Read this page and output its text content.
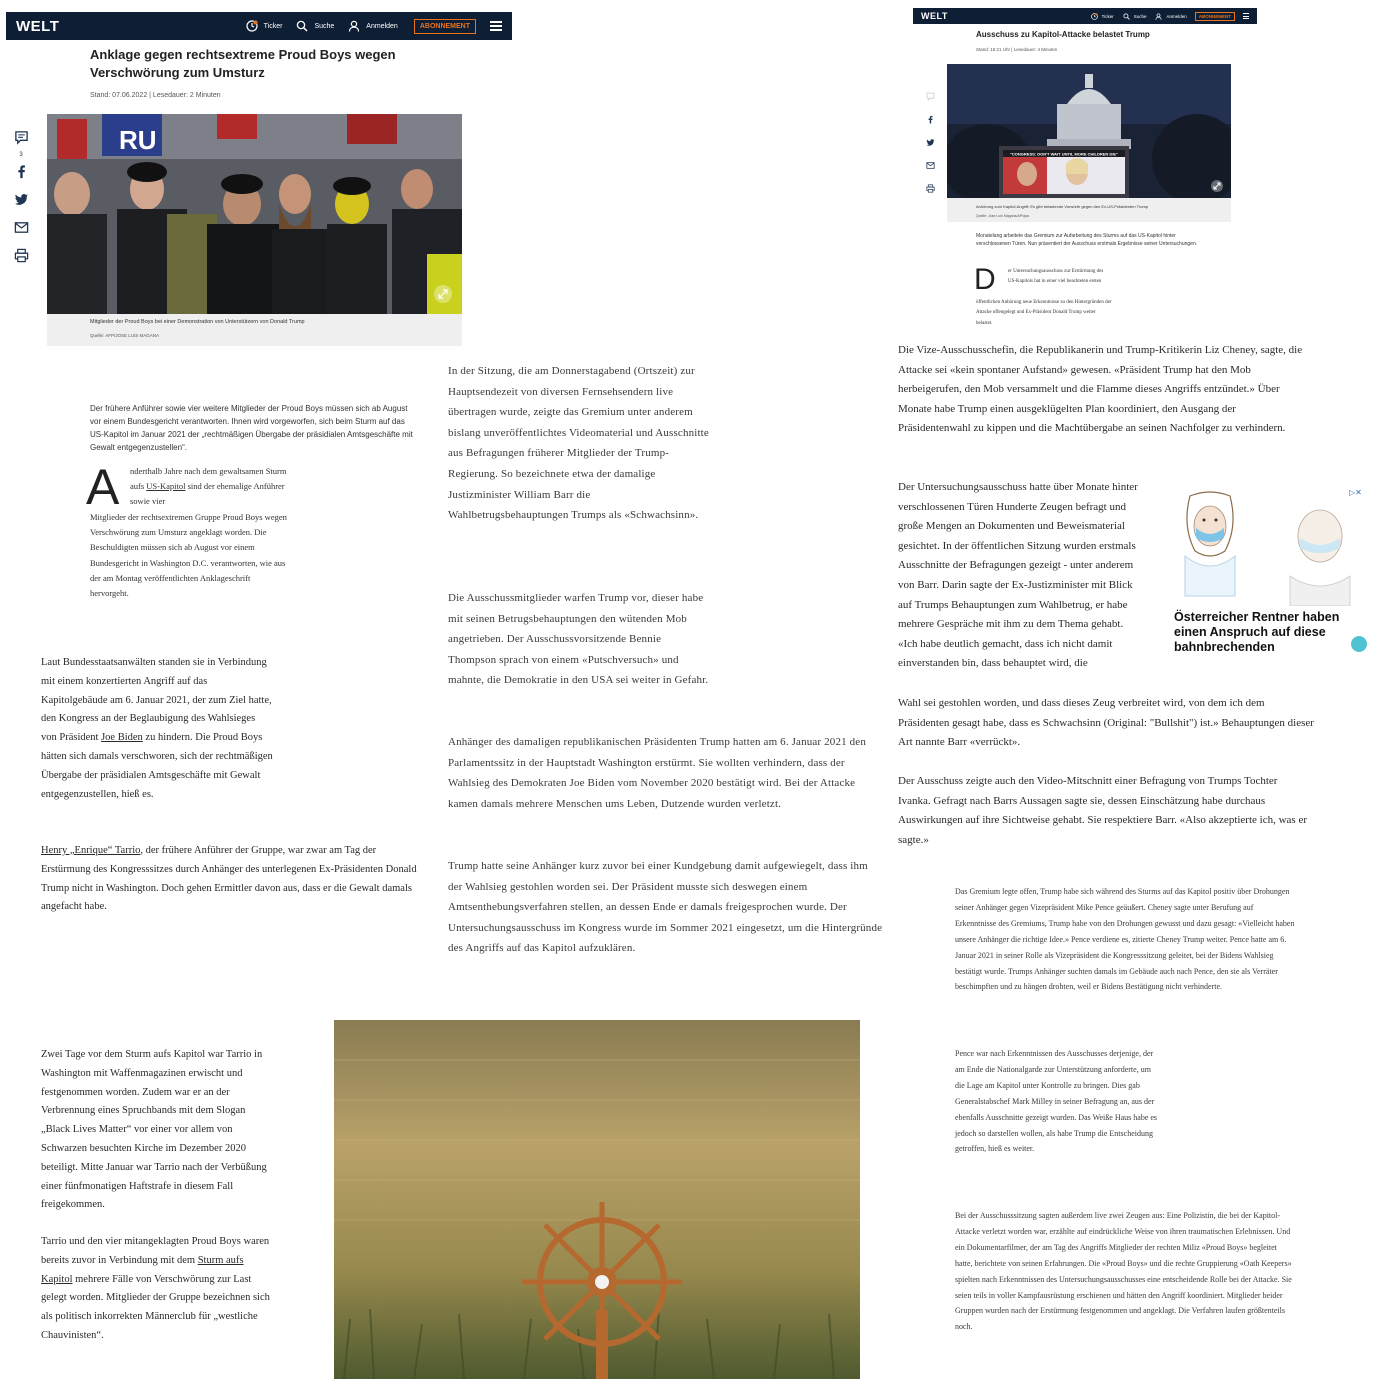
WELT	Ticker	Suche	Anmelden	ABONNEMENT
WELT	Ticker	Suche	Anmelden	ABONNEMENT
Anklage gegen rechtsextreme Proud Boys wegen Verschwörung zum Umsturz
Stand: 07.06.2022 | Lesedauer: 2 Minuten
Ausschuss zu Kapitol-Attacke belastet Trump
Stand: 15:21 Uhr | Lesedauer: 4 Minuten
3	RU
Mitglieder der Proud Boys bei einer Demonstration von Unterstützern von Donald Trump
Quelle: AFP/JOSE LUIS MAGANA
"CONGRESS: DON'T WAIT UNTIL MORE CHILDREN DIE"
Anhörung zum Kapitol-Angriff: Es gibt belastende Vorwürfe gegen den Ex-US-Präsidenten Trump
Quelle: Jose Luis Magana/AP/dpa
Der frühere Anführer sowie vier weitere Mitglieder der Proud Boys müssen sich ab August vor einem Bundesgericht verantworten. Ihnen wird vorgeworfen, sich beim Sturm auf das US-Kapitol im Januar 2021 der „rechtmäßigen Übergabe der präsidialen Amtsgeschäfte mit Gewalt entgegenzustellen“.
A nderthalb Jahre nach dem gewaltsamen Sturm aufs US-Kapitol sind der ehemalige Anführer sowie vier
Mitglieder der rechtsextremen Gruppe Proud Boys wegen Verschwörung zum Umsturz angeklagt worden. Die Beschuldigten müssen sich ab August vor einem Bundesgericht in Washington D.C. verantworten, wie aus der am Montag veröffentlichten Anklageschrift hervorgeht.
Laut Bundesstaatsanwälten standen sie in Verbindung mit einem konzertierten Angriff auf das Kapitolgebäude am 6. Januar 2021, der zum Ziel hatte, den Kongress an der Beglaubigung des Wahlsieges von Präsident Joe Biden zu hindern. Die Proud Boys hätten sich damals verschworen, sich der rechtmäßigen Übergabe der präsidialen Amtsgeschäfte mit Gewalt entgegenzustellen, hieß es.
Henry „Enrique“ Tarrio, der frühere Anführer der Gruppe, war zwar am Tag der Erstürmung des Kongresssitzes durch Anhänger des unterlegenen Ex-Präsidenten Donald Trump nicht in Washington. Doch gehen Ermittler davon aus, dass er die Gewalt damals angefacht habe.
Zwei Tage vor dem Sturm aufs Kapitol war Tarrio in Washington mit Waffenmagazinen erwischt und festgenommen worden. Zudem war er an der Verbrennung eines Spruchbands mit dem Slogan „Black Lives Matter“ vor einer vor allem von Schwarzen besuchten Kirche im Dezember 2020 beteiligt. Mitte Januar war Tarrio nach der Verbüßung einer fünfmonatigen Haftstrafe in diesem Fall freigekommen.
Tarrio und den vier mitangeklagten Proud Boys waren bereits zuvor in Verbindung mit dem Sturm aufs Kapitol mehrere Fälle von Verschwörung zur Last gelegt worden. Mitglieder der Gruppe bezeichnen sich als politisch inkorrekten Männerclub für „westliche Chauvinisten“.
In der Sitzung, die am Donnerstagabend (Ortszeit) zur Hauptsendezeit von diversen Fernsehsendern live übertragen wurde, zeigte das Gremium unter anderem bislang unveröffentlichtes Videomaterial und Ausschnitte aus Befragungen früherer Mitglieder der Trump-Regierung. So bezeichnete etwa der damalige Justizminister William Barr die Wahlbetrugsbehauptungen Trumps als «Schwachsinn».
Die Ausschussmitglieder warfen Trump vor, dieser habe mit seinen Betrugsbehauptungen den wütenden Mob angetrieben. Der Ausschussvorsitzende Bennie Thompson sprach von einem «Putschversuch» und mahnte, die Demokratie in den USA sei weiter in Gefahr.
Anhänger des damaligen republikanischen Präsidenten Trump hatten am 6. Januar 2021 den Parlamentssitz in der Hauptstadt Washington erstürmt. Sie wollten verhindern, dass der Wahlsieg des Demokraten Joe Biden vom November 2020 bestätigt wird. Bei der Attacke kamen damals mehrere Menschen ums Leben, Dutzende wurden verletzt.
Trump hatte seine Anhänger kurz zuvor bei einer Kundgebung damit aufgewiegelt, dass ihm der Wahlsieg gestohlen worden sei. Der Präsident musste sich deswegen einem Amtsenthebungsverfahren stellen, an dessen Ende er damals freigesprochen wurde. Der Untersuchungsausschuss im Kongress wurde im Sommer 2021 eingesetzt, um die Hintergründe des Angriffs auf das Kapitol aufzuklären.
Monatelang arbeitete das Gremium zur Aufarbeitung des Sturms auf das US-Kapitol hinter verschlossenen Türen. Nun präsentiert der Ausschuss erstmals Ergebnisse seiner Untersuchungen.
D er Untersuchungsausschuss zur Erstürmung des US-Kapitols hat in einer viel beachteten ersten
öffentlichen Anhörung neue Erkenntnisse zu den Hintergründen der Attacke offengelegt und Ex-Präsident Donald Trump weiter belastet.
Die Vize-Ausschusschefin, die Republikanerin und Trump-Kritikerin Liz Cheney, sagte, die Attacke sei «kein spontaner Aufstand» gewesen. «Präsident Trump hat den Mob herbeigerufen, den Mob versammelt und die Flamme dieses Angriffs entzündet.» Über Monate habe Trump einen ausgeklügelten Plan koordiniert, den Ausgang der Präsidentenwahl zu kippen und die Machtübergabe an seinen Nachfolger zu verhindern.
Der Untersuchungsausschuss hatte über Monate hinter verschlossenen Türen Hunderte Zeugen befragt und große Mengen an Dokumenten und Beweismaterial gesichtet. In der öffentlichen Sitzung wurden erstmals Ausschnitte der Befragungen gezeigt - unter anderem von Barr. Darin sagte der Ex-Justizminister mit Blick auf Trumps Behauptungen zum Wahlbetrug, er habe mehrere Gespräche mit ihm zu dem Thema gehabt. «Ich habe deutlich gemacht, dass ich nicht damit einverstanden bin, dass behauptet wird, die
Wahl sei gestohlen worden, und dass dieses Zeug verbreitet wird, von dem ich dem Präsidenten gesagt habe, dass es Schwachsinn (Original: "Bullshit") ist.» Behauptungen dieser Art nannte Barr «verrückt».
Der Ausschuss zeigte auch den Video-Mitschnitt einer Befragung von Trumps Tochter Ivanka. Gefragt nach Barrs Aussagen sagte sie, dessen Einschätzung habe durchaus Auswirkungen auf ihre Sichtweise gehabt. Sie respektiere Barr. «Also akzeptierte ich, was er sagte.»
Das Gremium legte offen, Trump habe sich während des Sturms auf das Kapitol positiv über Drohungen seiner Anhänger gegen Vizepräsident Mike Pence geäußert. Cheney sagte unter Berufung auf Erkenntnisse des Gremiums, Trump habe von den Drohungen gewusst und dazu gesagt: «Vielleicht haben unsere Anhänger die richtige Idee.» Pence verdiene es, zitierte Cheney Trump weiter. Pence hatte am 6. Januar 2021 in seiner Rolle als Vizepräsident die Kongresssitzung geleitet, bei der Bidens Wahlsieg bestätigt wurde. Trumps Anhänger suchten damals im Gebäude auch nach Pence, den sie als Verräter beschimpften und zu hängen drohten, weil er Bidens Bestätigung nicht verhinderte.
Pence war nach Erkenntnissen des Ausschusses derjenige, der am Ende die Nationalgarde zur Unterstützung anforderte, um die Lage am Kapitol unter Kontrolle zu bringen. Dies gab Generalstabschef Mark Milley in seiner Befragung an, aus der ebenfalls Ausschnitte gezeigt wurden. Das Weiße Haus habe es jedoch so darstellen wollen, als habe Trump die Entscheidung getroffen, hieß es weiter.
Bei der Ausschusssitzung sagten außerdem live zwei Zeugen aus: Eine Polizistin, die bei der Kapitol-Attacke verletzt worden war, erzählte auf eindrückliche Weise von ihren traumatischen Erlebnissen. Und ein Dokumentarfilmer, der am Tag des Angriffs Mitglieder der rechten Miliz «Proud Boys» begleitet hatte, berichtete von seinen Erfahrungen. Die «Proud Boys» und die rechte Gruppierung «Oath Keepers» spielten nach Erkenntnissen des Untersuchungsausschusses eine entscheidende Rolle bei der Attacke. Sie seien teils in voller Kampfausrüstung erschienen und hätten den Angriff koordiniert. Mitglieder beider Gruppen wurden nach der Erstürmung festgenommen und angeklagt. Die Verfahren laufen größtenteils noch.
▷✕
Österreicher Rentner haben einen Anspruch auf diese bahnbrechenden
